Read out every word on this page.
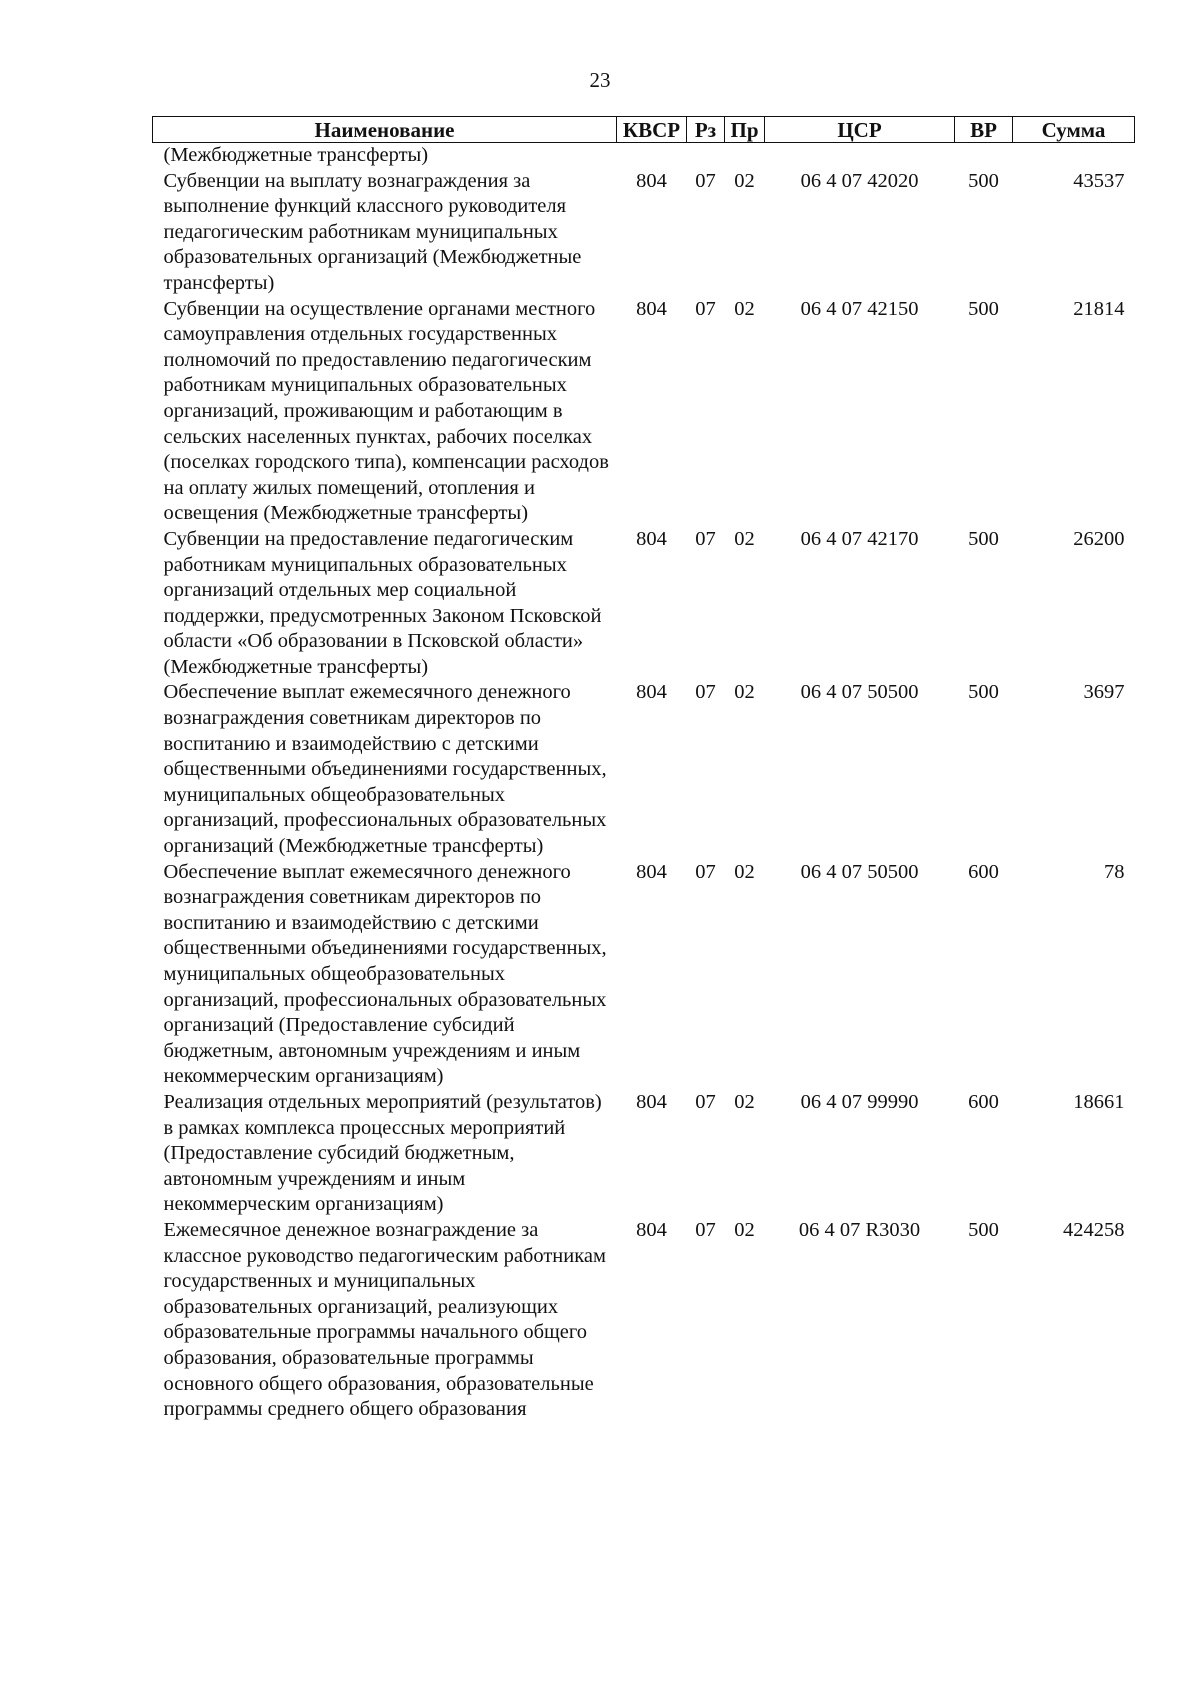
23
Наименование	КВСР	Рз	Пр	ЦСР	ВР	Сумма
(Межбюджетные трансферты)						
Субвенции на выплату вознаграждения за выполнение функций классного руководителя педагогическим работникам муниципальных образовательных организаций (Межбюджетные трансферты)	804	07	02	06 4 07 42020	500	43537
Субвенции на осуществление органами местного самоуправления отдельных государственных полномочий по предоставлению педагогическим работникам муниципальных образовательных организаций, проживающим и работающим в сельских населенных пунктах, рабочих поселках (поселках городского типа), компенсации расходов на оплату жилых помещений, отопления и освещения (Межбюджетные трансферты)	804	07	02	06 4 07 42150	500	21814
Субвенции на предоставление педагогическим работникам муниципальных образовательных организаций отдельных мер социальной поддержки, предусмотренных Законом Псковской области «Об образовании в Псковской области» (Межбюджетные трансферты)	804	07	02	06 4 07 42170	500	26200
Обеспечение выплат ежемесячного денежного вознаграждения советникам директоров по воспитанию и взаимодействию с детскими общественными объединениями государственных, муниципальных общеобразовательных организаций, профессиональных образовательных организаций (Межбюджетные трансферты)	804	07	02	06 4 07 50500	500	3697
Обеспечение выплат ежемесячного денежного вознаграждения советникам директоров по воспитанию и взаимодействию с детскими общественными объединениями государственных, муниципальных общеобразовательных организаций, профессиональных образовательных организаций (Предоставление субсидий бюджетным, автономным учреждениям и иным некоммерческим организациям)	804	07	02	06 4 07 50500	600	78
Реализация отдельных мероприятий (результатов) в рамках комплекса процессных мероприятий (Предоставление субсидий бюджетным, автономным учреждениям и иным некоммерческим организациям)	804	07	02	06 4 07 99990	600	18661
Ежемесячное денежное вознаграждение за классное руководство педагогическим работникам государственных и муниципальных образовательных организаций, реализующих образовательные программы начального общего образования, образовательные программы основного общего образования, образовательные программы среднего общего образования	804	07	02	06 4 07 R3030	500	424258
